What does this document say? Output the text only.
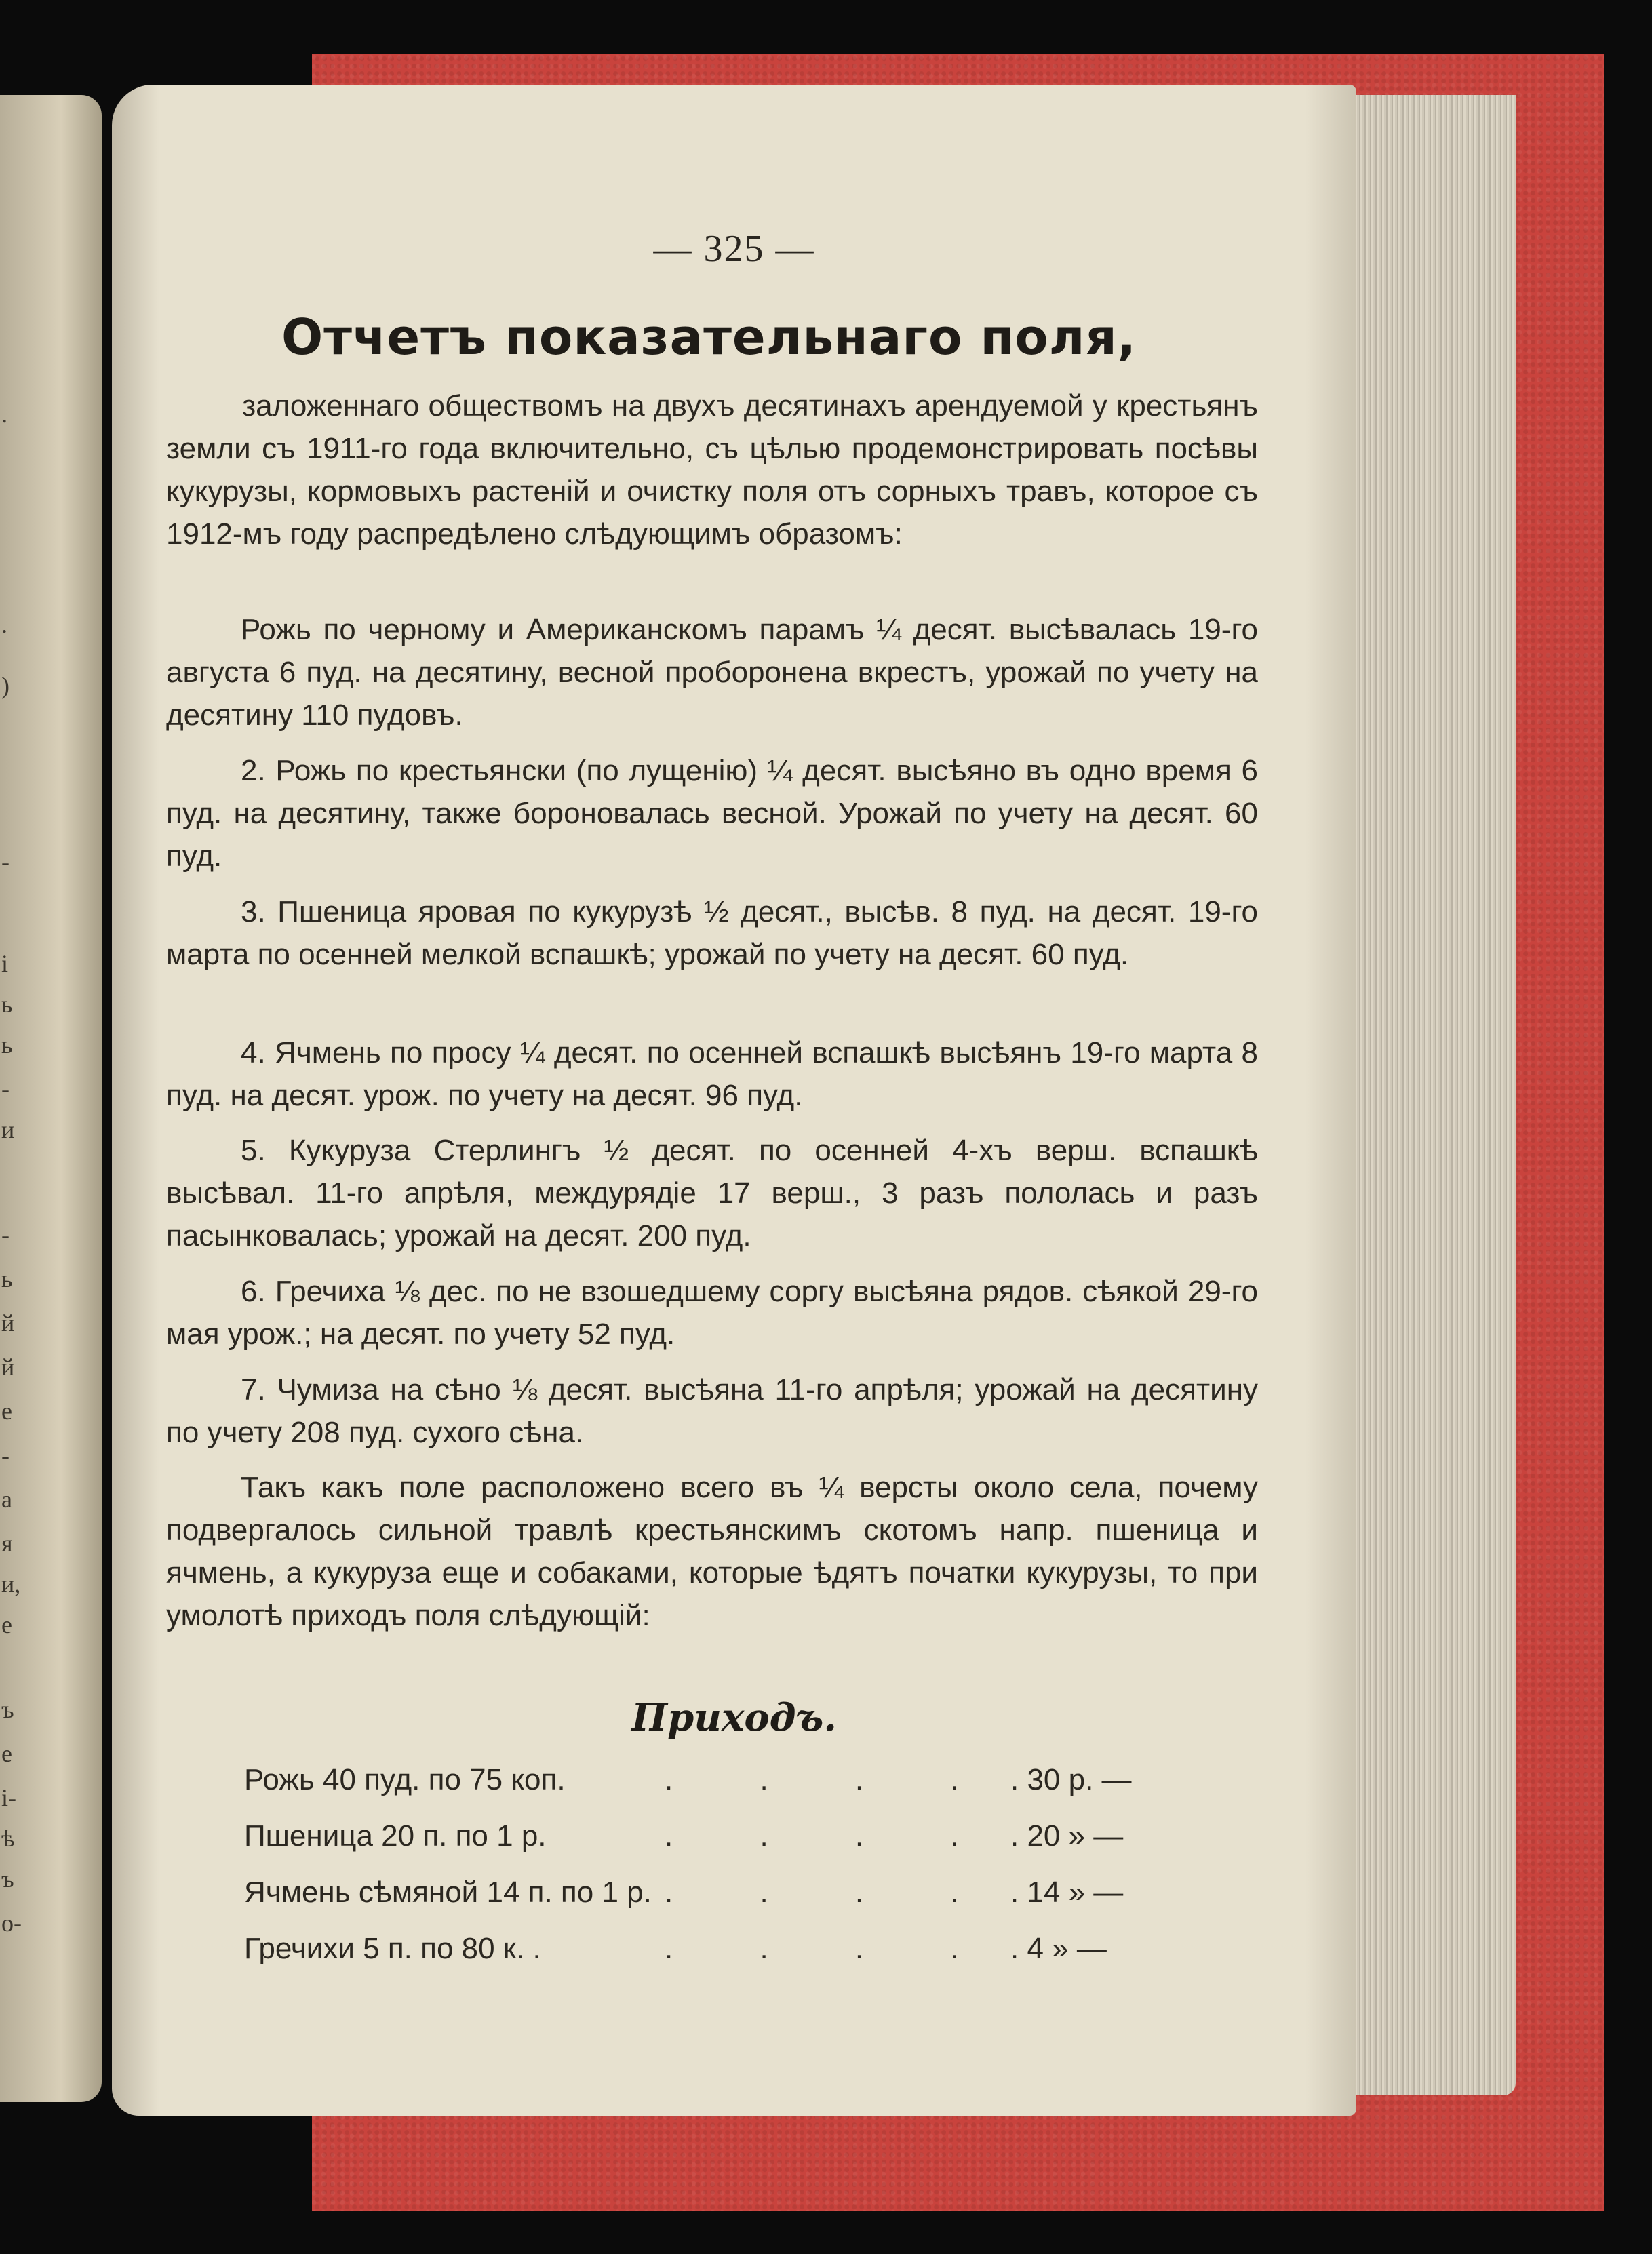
.
.
)
-
i
ь
ь
-
и
-
ь
й
й
е
-
а
я
и,
е
ъ
е
і-
ѣ
ъ
о-
— 325 —
Отчетъ показательнаго поля,
заложеннаго обществомъ на двухъ десятинахъ арендуемой у крестьянъ земли съ 1911-го года включительно, съ цѣлью продемонстрировать посѣвы кукурузы, кормовыхъ растеній и очистку поля отъ сорныхъ травъ, которое съ 1912-мъ году распредѣлено слѣдующимъ образомъ:
Рожь по черному и Американскомъ парамъ ¼ десят. высѣвалась 19-го августа 6 пуд. на десятину, весной проборонена вкрестъ, урожай по учету на десятину 110 пудовъ.
2. Рожь по крестьянски (по лущенію) ¼ десят. высѣяно въ одно время 6 пуд. на десятину, также бороновалась весной. Урожай по учету на десят. 60 пуд.
3. Пшеница яровая по кукурузѣ ½ десят., высѣв. 8 пуд. на десят. 19-го марта по осенней мелкой вспашкѣ; урожай по учету на десят. 60 пуд.
4. Ячмень по просу ¼ десят. по осенней вспашкѣ высѣянъ 19-го марта 8 пуд. на десят. урож. по учету на десят. 96 пуд.
5. Кукуруза Стерлингъ ½ десят. по осенней 4-хъ верш. вспашкѣ высѣвал. 11-го апрѣля, междурядіе 17 верш., 3 разъ пололась и разъ пасынковалась; урожай на десят. 200 пуд.
6. Гречиха ⅛ дес. по не взошедшему соргу высѣяна рядов. сѣякой 29-го мая урож.; на десят. по учету 52 пуд.
7. Чумиза на сѣно ⅛ десят. высѣяна 11-го апрѣля; урожай на десятину по учету 208 пуд. сухого сѣна.
Такъ какъ поле расположено всего въ ¼ версты около села, почему подвергалось сильной травлѣ крестьянскимъ скотомъ напр. пшеница и ячмень, а кукуруза еще и собаками, которые ѣдятъ початки кукурузы, то при умолотѣ приходъ поля слѣдующій:
Приходъ.
Рожь 40 пуд. по 75 коп.	. . . . . 30 р. —
Пшеница 20 п. по 1 р.	. . . . . 20 » —
Ячмень сѣмяной 14 п. по 1 р. . . . . . 14 » —
Гречихи 5 п. по 80 к. .	. . . . . 4 » —
